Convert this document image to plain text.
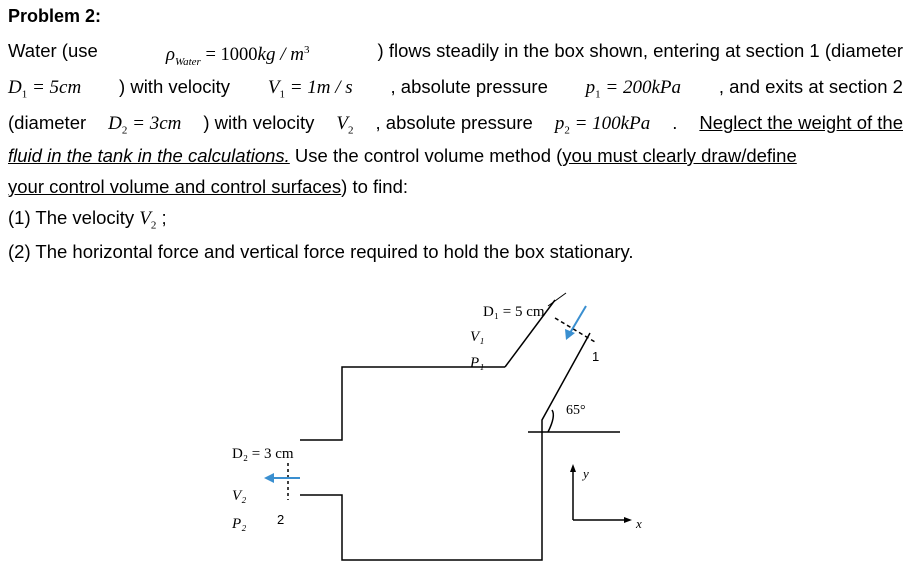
Problem 2:
Water (use	$\rho_{Water} = 1000kg / m^3$	) flows steadily in the box shown, entering at section 1 (diameter
$D_1 = 5cm$ ) with velocity $V_1 = 1m / s$ , absolute pressure $p_1 = 200kPa$ , and exits at section 2
(diameter $D_2 = 3cm$ ) with velocity $V_2$ , absolute pressure $p_2 = 100kPa$ . Neglect the weight of the
fluid in the tank in the calculations. Use the control volume method (you must clearly draw/define
your control volume and control surfaces) to find:
(1) The velocity $V_2$ ;
(2) The horizontal force and vertical force required to hold the box stationary.
D₁ = 5 cm
V₁
P₁	1
65°
D₂ = 3 cm
V₂
P₂ 2
y
x
